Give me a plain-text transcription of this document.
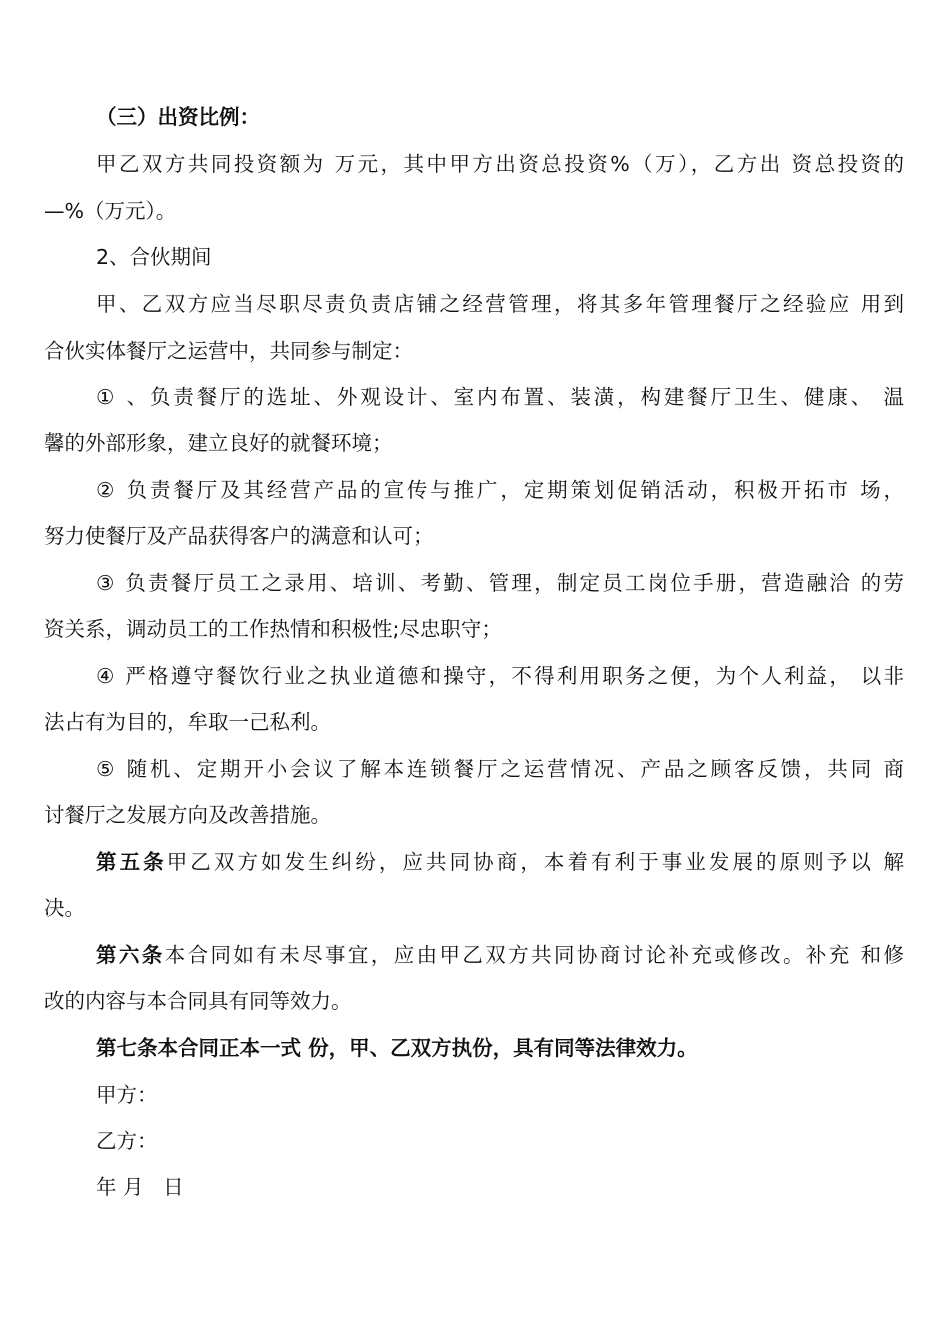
（三）出资比例：
甲乙双方共同投资额为 万元，其中甲方出资总投资%（万），乙方出 资总投资的
—%（万元）。
2、合伙期间
甲、乙双方应当尽职尽责负责店铺之经营管理，将其多年管理餐厅之经验应 用到
合伙实体餐厅之运营中，共同参与制定：
① 、负责餐厅的选址、外观设计、室内布置、装潢，构建餐厅卫生、健康、 温
馨的外部形象，建立良好的就餐环境；
② 负责餐厅及其经营产品的宣传与推广，定期策划促销活动，积极开拓市 场，
努力使餐厅及产品获得客户的满意和认可；
③ 负责餐厅员工之录用、培训、考勤、管理，制定员工岗位手册，营造融洽 的劳
资关系，调动员工的工作热情和积极性;尽忠职守；
④ 严格遵守餐饮行业之执业道德和操守，不得利用职务之便，为个人利益， 以非
法占有为目的，牟取一己私利。
⑤ 随机、定期开小会议了解本连锁餐厅之运营情况、产品之顾客反馈，共同 商
讨餐厅之发展方向及改善措施。
第五条甲乙双方如发生纠纷，应共同协商，本着有利于事业发展的原则予以 解
决。
第六条本合同如有未尽事宜，应由甲乙双方共同协商讨论补充或修改。补充 和修
改的内容与本合同具有同等效力。
第七条本合同正本一式 份，甲、乙双方执份，具有同等法律效力。
甲方：
乙方：
年 月   日
